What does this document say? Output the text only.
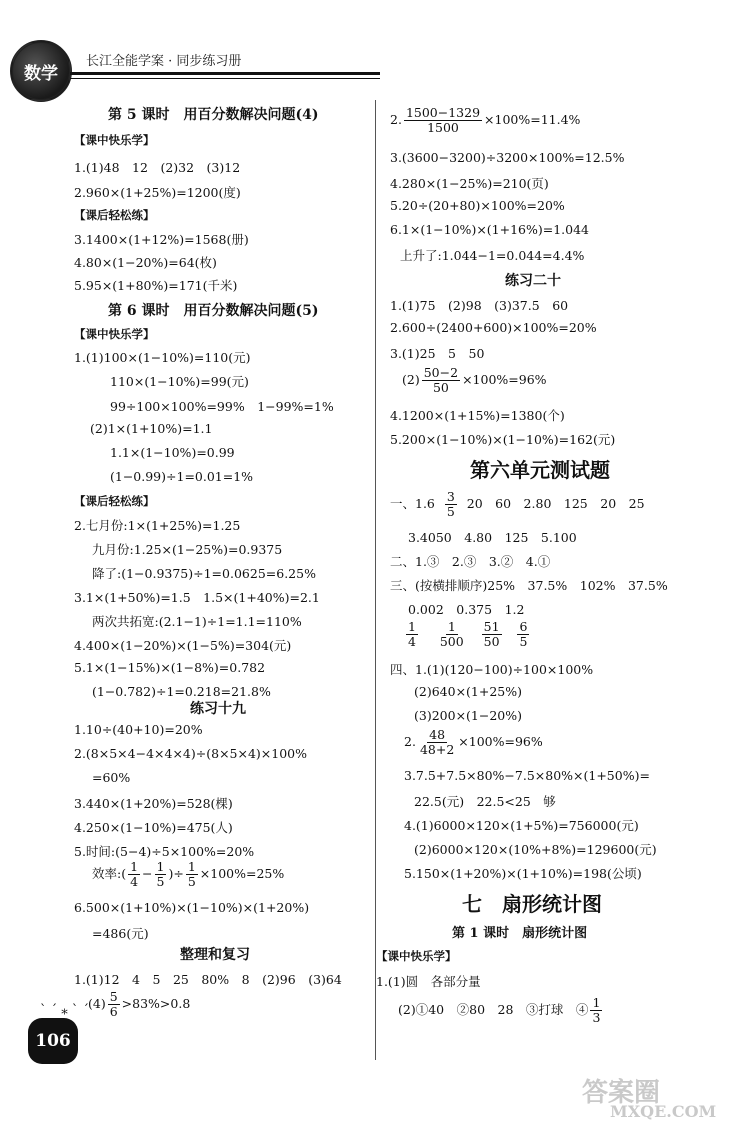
数学
长江全能学案 · 同步练习册
第 5 课时　用百分数解决问题(4)
【课中快乐学】
1.(1)48　12　(2)32　(3)12
2.960×(1+25%)=1200(度)
【课后轻松练】
3.1400×(1+12%)=1568(册)
4.80×(1−20%)=64(枚)
5.95×(1+80%)=171(千米)
第 6 课时　用百分数解决问题(5)
【课中快乐学】
1.(1)100×(1−10%)=110(元)
110×(1−10%)=99(元)
99÷100×100%=99%　1−99%=1%
(2)1×(1+10%)=1.1
1.1×(1−10%)=0.99
(1−0.99)÷1=0.01=1%
【课后轻松练】
2.七月份:1×(1+25%)=1.25
九月份:1.25×(1−25%)=0.9375
降了:(1−0.9375)÷1=0.0625=6.25%
3.1×(1+50%)=1.5　1.5×(1+40%)=2.1
两次共拓宽:(2.1−1)÷1=1.1=110%
4.400×(1−20%)×(1−5%)=304(元)
5.1×(1−15%)×(1−8%)=0.782
(1−0.782)÷1=0.218=21.8%
练习十九
1.10÷(40+10)=20%
2.(8×5×4−4×4×4)÷(8×5×4)×100%
=60%
3.440×(1+20%)=528(棵)
4.250×(1−10%)=475(人)
5.时间:(5−4)÷5×100%=20%
效率:( $\frac{1}{4} - \frac{1}{5}$ )÷ $\frac{1}{5} \times 100\%=25\%$
6.500×(1+10%)×(1−10%)×(1+20%)
=486(元)
整理和复习
1.(1)12　4　5　25　80%　8　(2)96　(3)64
$(4) \frac{5}{6} >83\%>0.8$
2. $\frac{1500-1329}{1500} \times 100\%=11.4\%$
3.(3600−3200)÷3200×100%=12.5%
4.280×(1−25%)=210(页)
5.20÷(20+80)×100%=20%
6.1×(1−10%)×(1+16%)=1.044
上升了:1.044−1=0.044=4.4%
练习二十
1.(1)75　(2)98　(3)37.5　60
2.600÷(2400+600)×100%=20%
3.(1)25　5　50
$(2) \frac{50-2}{50} \times 100\%=96\%$
4.1200×(1+15%)=1380(个)
5.200×(1−10%)×(1−10%)=162(元)
第六单元测试题
一、$1.6 \frac{3}{5} 20$　60　2.80　125　20　25
3.4050　4.80　125　5.100
二、1.③　2.③　3.②　4.①
三、(按横排顺序)25%　37.5%　102%　37.5%
0.002　0.375　1.2
$\frac{1}{4}$
$\frac{1}{500}$
$\frac{51}{50}$
$\frac{6}{5}$
四、1.(1)(120−100)÷100×100%
(2)640×(1+25%)
(3)200×(1−20%)
2. $\frac{48}{48+2} \times 100\%=96\%$
3.7.5+7.5×80%−7.5×80%×(1+50%)=
22.5(元)　22.5<25　够
4.(1)6000×120×(1+5%)=756000(元)
(2)6000×120×(10%+8%)=129600(元)
5.150×(1+20%)×(1+10%)=198(公顷)
七　扇形统计图
第 1 课时　扇形统计图
【课中快乐学】
1.(1)圆　各部分量
(2)①40　②80　28　③打球　④ $\frac{1}{3}$
ˋ ˊ ⁎ ˋ ˊ
106
答案圈
MXQE.COM
